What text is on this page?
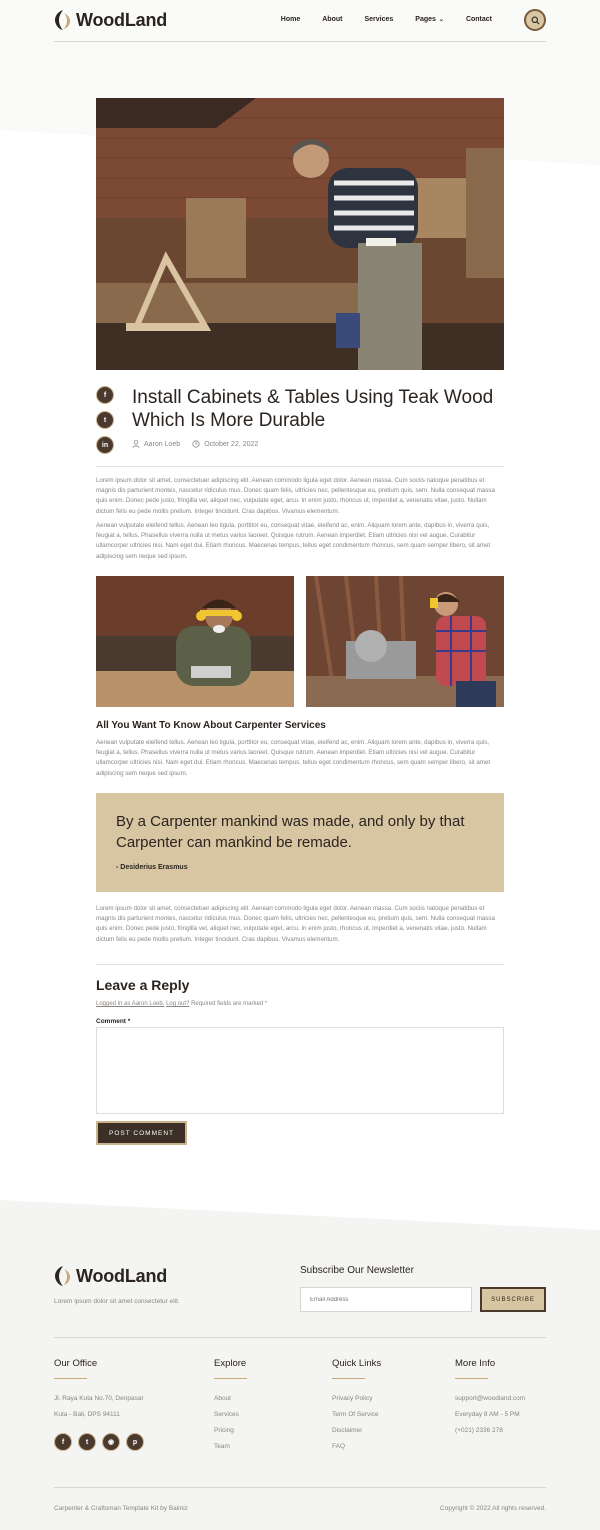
WoodLand	Home	About	Services	Pages ⌄	Contact
f
t
in
Install Cabinets & Tables Using Teak Wood Which Is More Durable
Aaron Loeb	October 22, 2022

Lorem ipsum dolor sit amet, consectetuer adipiscing elit. Aenean commodo ligula eget dolor. Aenean massa. Cum sociis natoque penatibus et magnis dis parturient montes, nascetur ridiculus mus. Donec quam felis, ultricies nec, pellentesque eu, pretium quis, sem. Nulla consequat massa quis enim. Donec pede justo, fringilla vel, aliquet nec, vulputate eget, arcu. In enim justo, rhoncus ut, imperdiet a, venenatis vitae, justo. Nullam dictum felis eu pede mollis pretium. Integer tincidunt. Cras dapibus. Vivamus elementum.

Aenean vulputate eleifend tellus. Aenean leo ligula, porttitor eu, consequat vitae, eleifend ac, enim. Aliquam lorem ante, dapibus in, viverra quis, feugiat a, tellus. Phasellus viverra nulla ut metus varius laoreet. Quisque rutrum. Aenean imperdiet. Etiam ultricies nisi vel augue. Curabitur ullamcorper ultricies nisi. Nam eget dui. Etiam rhoncus. Maecenas tempus, tellus eget condimentum rhoncus, sem quam semper libero, sit amet adipiscing sem neque sed ipsum.

All You Want To Know About Carpenter Services

Aenean vulputate eleifend tellus. Aenean leo ligula, porttitor eu, consequat vitae, eleifend ac, enim. Aliquam lorem ante, dapibus in, viverra quis, feugiat a, tellus. Phasellus viverra nulla ut metus varius laoreet. Quisque rutrum. Aenean imperdiet. Etiam ultricies nisi vel augue. Curabitur ullamcorper ultricies nisi. Nam eget dui. Etiam rhoncus. Maecenas tempus, tellus eget condimentum rhoncus, sem quam semper libero, sit amet adipiscing sem neque sed ipsum.

By a Carpenter mankind was made, and only by that Carpenter can mankind be remade.
- Desiderius Erasmus

Lorem ipsum dolor sit amet, consectetuer adipiscing elit. Aenean commodo ligula eget dolor. Aenean massa. Cum sociis natoque penatibus et magnis dis parturient montes, nascetur ridiculus mus. Donec quam felis, ultricies nec, pellentesque eu, pretium quis, sem. Nulla consequat massa quis enim. Donec pede justo, fringilla vel, aliquet nec, vulputate eget, arcu. In enim justo, rhoncus ut, imperdiet a, venenatis vitae, justo. Nullam dictum felis eu pede mollis pretium. Integer tincidunt. Cras dapibus. Vivamus elementum.

Leave a Reply
Logged in as Aaron Loeb. Log out? Required fields are marked *
Comment *
POST COMMENT
WoodLand
Lorem ipsum dolor sit amet consectetur elit.
Subscribe Our Newsletter
Email Address
SUBSCRIBE
Our Office
Jl. Raya Kuta No.70, Denpasar
Kuta - Bali, DPS 94111
f	t	◉	p
Explore
About
Services
Pricing
Team
Quick Links
Privacy Policy
Term Of Service
Disclaimer
FAQ
More Info
support@woodland.com
Everyday 8 AM - 5 PM
(+021) 2336 278
Carpenter & Craftsman Template Kit by Baliniz	Copyright © 2022 All rights reserved.
